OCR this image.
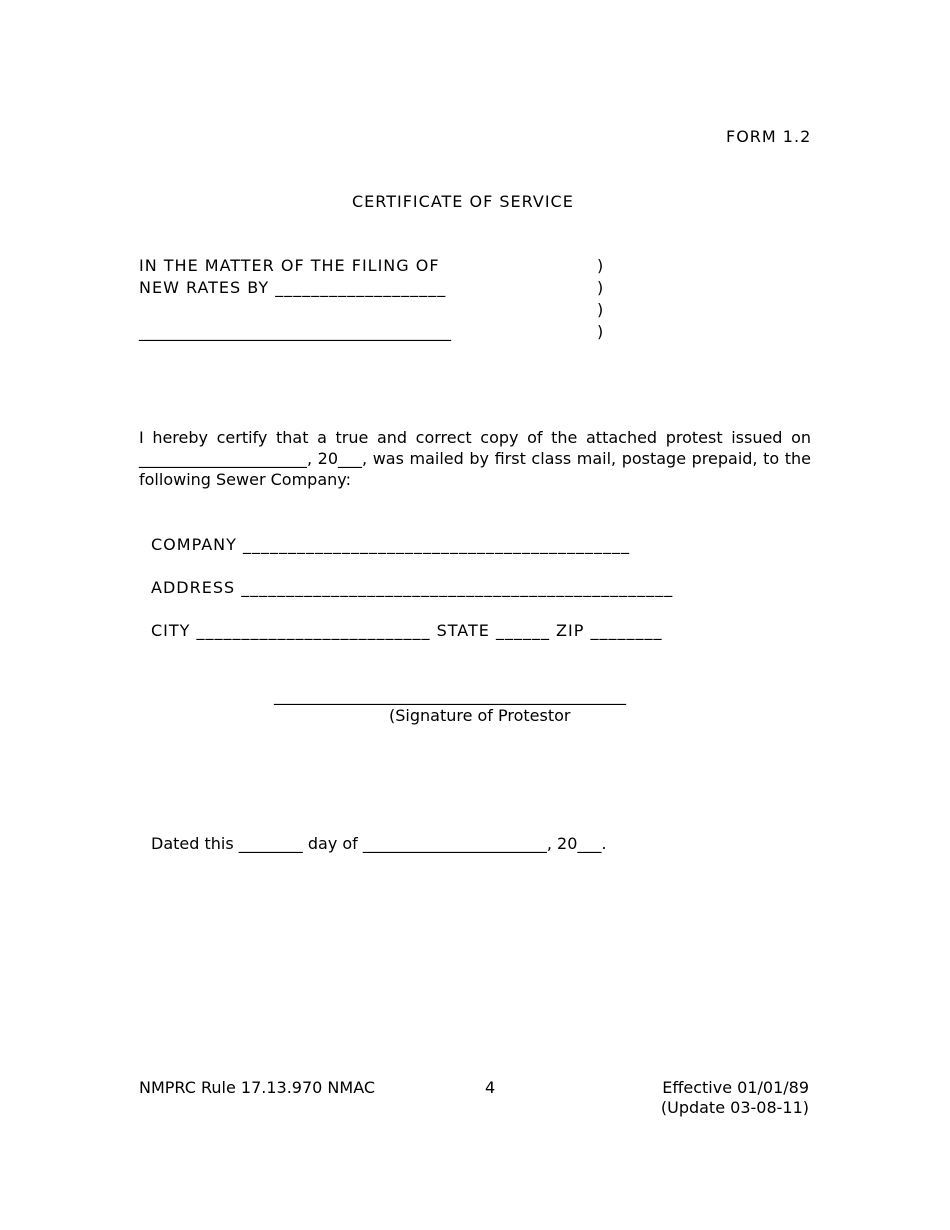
FORM 1.2
CERTIFICATE OF SERVICE
IN THE MATTER OF THE FILING OF
NEW RATES BY ___________________
_______________________________________
)
)
)
)
I hereby certify that a true and correct copy of the attached protest issued on
_____________________, 20___, was mailed by first class mail, postage prepaid, to the
following Sewer Company:
COMPANY ___________________________________________
ADDRESS ________________________________________________
CITY __________________________ STATE ______ ZIP ________
____________________________________________
(Signature of Protestor
Dated this ________ day of _______________________, 20___.
NMPRC Rule 17.13.970 NMAC	4	Effective 01/01/89
(Update 03-08-11)
